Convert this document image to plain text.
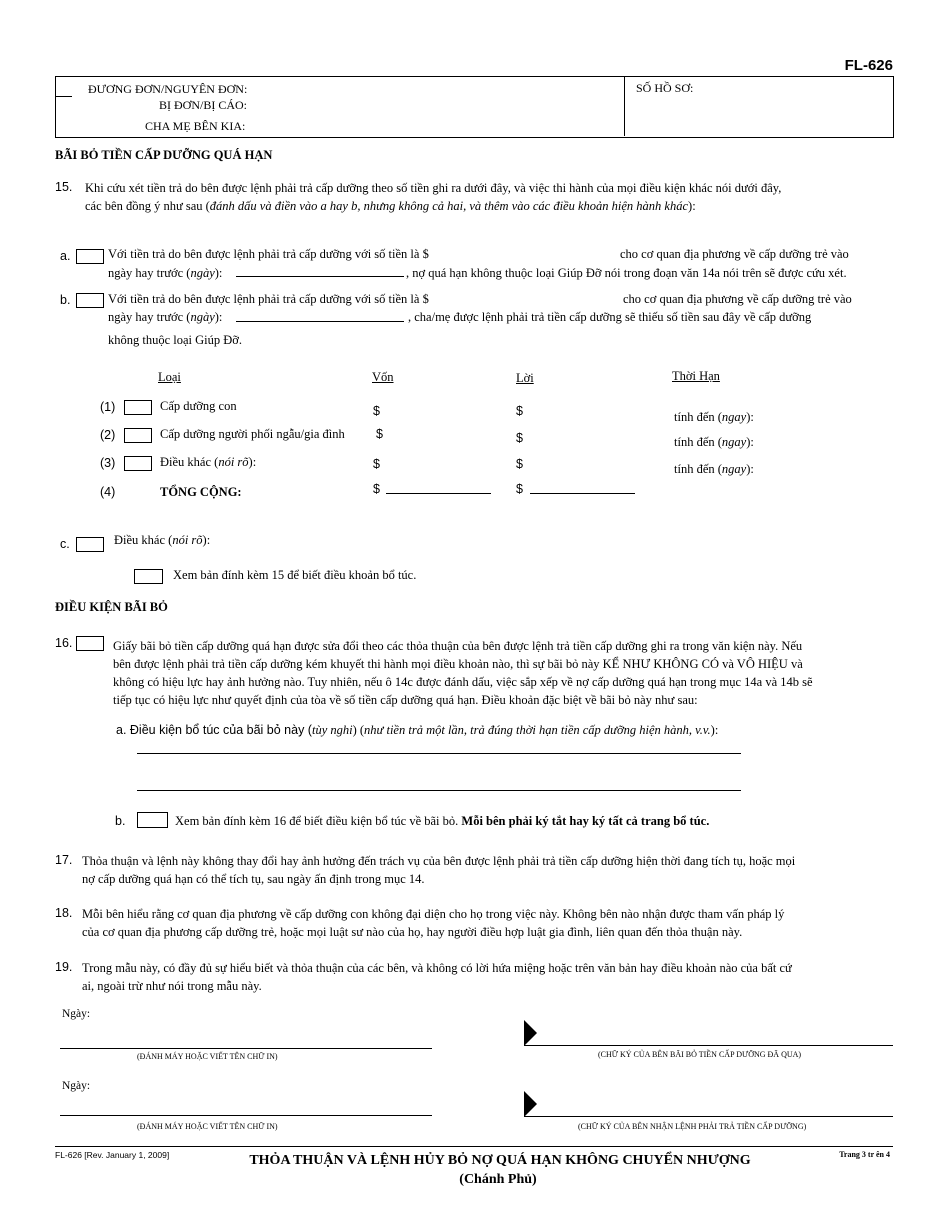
FL-626
ĐƯƠNG ĐƠN/NGUYÊN ĐƠN:
BỊ ĐƠN/BỊ CÁO:
CHA MẸ BÊN KIA:
SỐ HỒ SƠ:
BÃI BỎ TIỀN CẤP DƯỠNG QUÁ HẠN
15. Khi cứu xét tiền trả do bên được lệnh phải trả cấp dưỡng theo số tiền ghi ra dưới đây, và việc thi hành của mọi điều kiện khác nói dưới đây,
các bên đồng ý như sau (đánh dấu và điền vào a hay b, nhưng không cả hai, và thêm vào các điều khoản hiện hành khác):
a.	Với tiền trả do bên được lệnh phải trả cấp dưỡng với số tiền là $	cho cơ quan địa phương về cấp dưỡng trẻ vào
ngày hay trước (ngày):	, nợ quá hạn không thuộc loại Giúp Đỡ nói trong đoạn văn 14a nói trên sẽ được cứu xét.
b.	Với tiền trả do bên được lệnh phải trả cấp dưỡng với số tiền là $	cho cơ quan địa phương về cấp dưỡng trẻ vào
ngày hay trước (ngày):	, cha/mẹ được lệnh phải trả tiền cấp dưỡng sẽ thiếu số tiền sau đây về cấp dưỡng
không thuộc loại Giúp Đỡ.
Loại	Vốn	Lời	Thời Hạn
(1)	Cấp dưỡng con	$	$	tính đến (ngay):
(2)	Cấp dưỡng người phối ngẫu/gia đình	$	$	tính đến (ngay):
(3)	Điều khác (nói rõ):	$	$	tính đến (ngay):
(4)	TỔNG CỘNG:	$	$
c.	Điều khác (nói rõ):
Xem bản đính kèm 15 để biết điều khoản bổ túc.
ĐIỀU KIỆN BÃI BỎ
16.	Giấy bãi bỏ tiền cấp dưỡng quá hạn được sửa đổi theo các thỏa thuận của bên được lệnh trả tiền cấp dưỡng ghi ra trong văn kiện này. Nếu
bên được lệnh phải trả tiền cấp dưỡng kém khuyết thi hành mọi điều khoản nào, thì sự bãi bỏ này KỂ NHƯ KHÔNG CÓ và VÔ HIỆU và
không có hiệu lực hay ảnh hưởng nào. Tuy nhiên, nếu ô 14c được đánh dấu, việc sắp xếp về nợ cấp dưỡng quá hạn trong mục 14a và 14b sẽ
tiếp tục có hiệu lực như quyết định của tòa về số tiền cấp dưỡng quá hạn. Điều khoản đặc biệt về bãi bỏ này như sau:
a. Điều kiện bổ túc của bãi bỏ này (tùy nghi) (như tiền trả một lần, trả đúng thời hạn tiền cấp dưỡng hiện hành, v.v.):
b.	Xem bản đính kèm 16 để biết điều kiện bổ túc về bãi bỏ. Mỗi bên phải ký tắt hay ký tất cả trang bổ túc.
17. Thỏa thuận và lệnh này không thay đổi hay ảnh hưởng đến trách vụ của bên được lệnh phải trả tiền cấp dưỡng hiện thời đang tích tụ, hoặc mọi
nợ cấp dưỡng quá hạn có thể tích tụ, sau ngày ấn định trong mục 14.
18. Mỗi bên hiểu rằng cơ quan địa phương về cấp dưỡng con không đại diện cho họ trong việc này. Không bên nào nhận được tham vấn pháp lý
của cơ quan địa phương cấp dưỡng trẻ, hoặc mọi luật sư nào của họ, hay người điều hợp luật gia đình, liên quan đến thỏa thuận này.
19. Trong mẫu này, có đầy đủ sự hiểu biết và thỏa thuận của các bên, và không có lời hứa miệng hoặc trên văn bản hay điều khoản nào của bất cứ
ai, ngoài trừ như nói trong mẫu này.
Ngày:
(ĐÁNH MÁY HOẶC VIẾT TÊN CHỮ IN)	(CHỮ KÝ CỦA BÊN BÃI BỎ TIỀN CẤP DƯỠNG ĐÃ QUA)
Ngày:
(ĐÁNH MÁY HOẶC VIẾT TÊN CHỮ IN)	(CHỮ KÝ CỦA BÊN NHẬN LỆNH PHẢI TRẢ TIỀN CẤP DƯỠNG)
FL-626 [Rev. January 1, 2009]	THỎA THUẬN VÀ LỆNH HỦY BỎ NỢ QUÁ HẠN KHÔNG CHUYỂN NHƯỢNG
(Chánh Phủ)
Trang 3 tr ên 4
